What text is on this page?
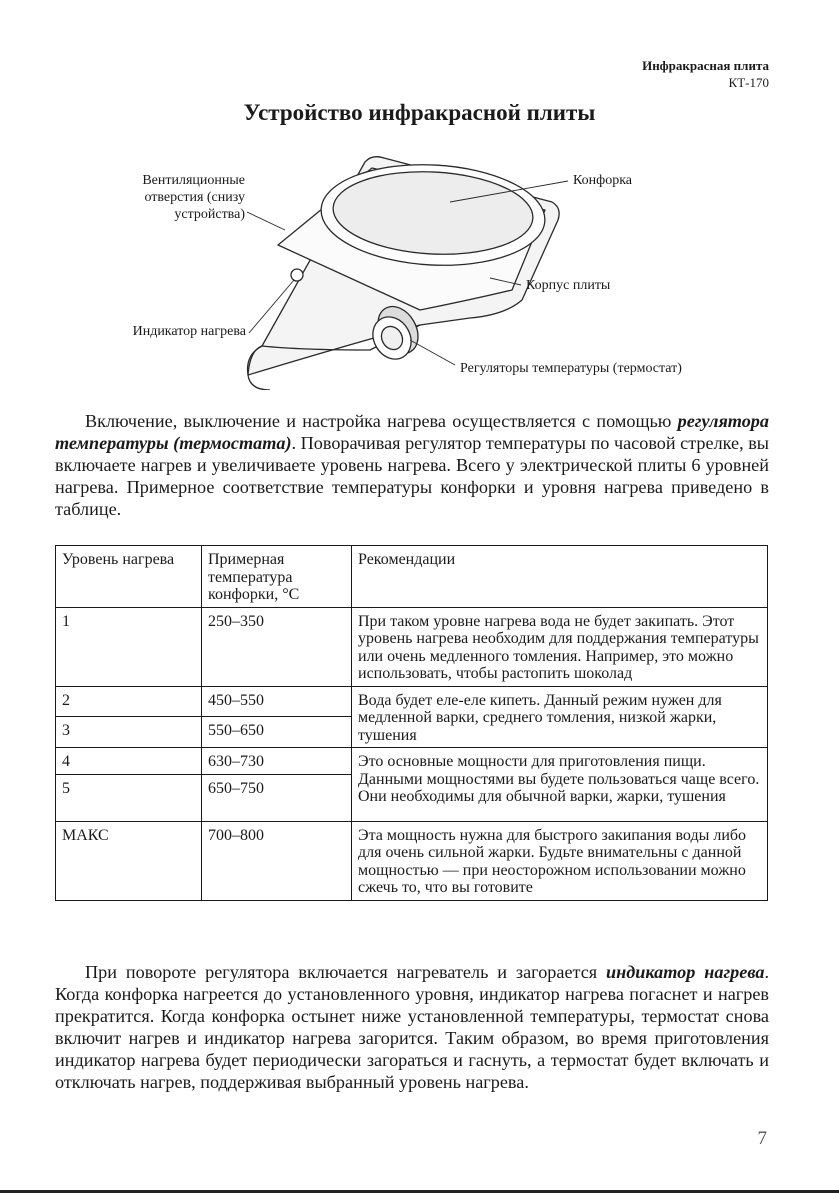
Инфракрасная плита
КТ-170
Устройство инфракрасной плиты
Вентиляционные
отверстия (снизу
устройства)
Конфорка
Корпус плиты
Индикатор нагрева
Регуляторы температуры (термостат)
Включение, выключение и настройка нагрева осуществляется с помощью регулятора температуры (термостата). Поворачивая регулятор температуры по часовой стрелке, вы включаете нагрев и увеличиваете уровень нагрева. Всего у электрической плиты 6 уровней нагрева. Примерное соответствие температуры конфорки и уровня нагрева приведено в таблице.
Уровень нагрева	Примерная температура конфорки, °С	Рекомендации
1	250–350	При таком уровне нагрева вода не будет закипать. Этот уровень нагрева необходим для поддержания температуры или очень медленного томления. Например, это можно использовать, чтобы растопить шоколад
2	450–550	Вода будет еле-еле кипеть. Данный режим нужен для медленной варки, среднего томления, низкой жарки, тушения
3	550–650	
4	630–730	Это основные мощности для приготовления пищи. Данными мощностями вы будете пользоваться чаще всего. Они необходимы для обычной варки, жарки, тушения
5	650–750	
МАКС	700–800	Эта мощность нужна для быстрого закипания воды либо для очень сильной жарки. Будьте внимательны с данной мощностью — при неосторожном использовании можно сжечь то, что вы готовите
При повороте регулятора включается нагреватель и загорается индикатор нагрева. Когда конфорка нагреется до установленного уровня, индикатор нагрева погаснет и нагрев прекратится. Когда конфорка остынет ниже установленной температуры, термостат снова включит нагрев и индикатор нагрева загорится. Таким образом, во время приготовления индикатор нагрева будет периодически загораться и гаснуть, а термостат будет включать и отключать нагрев, поддерживая выбранный уровень нагрева.
7
